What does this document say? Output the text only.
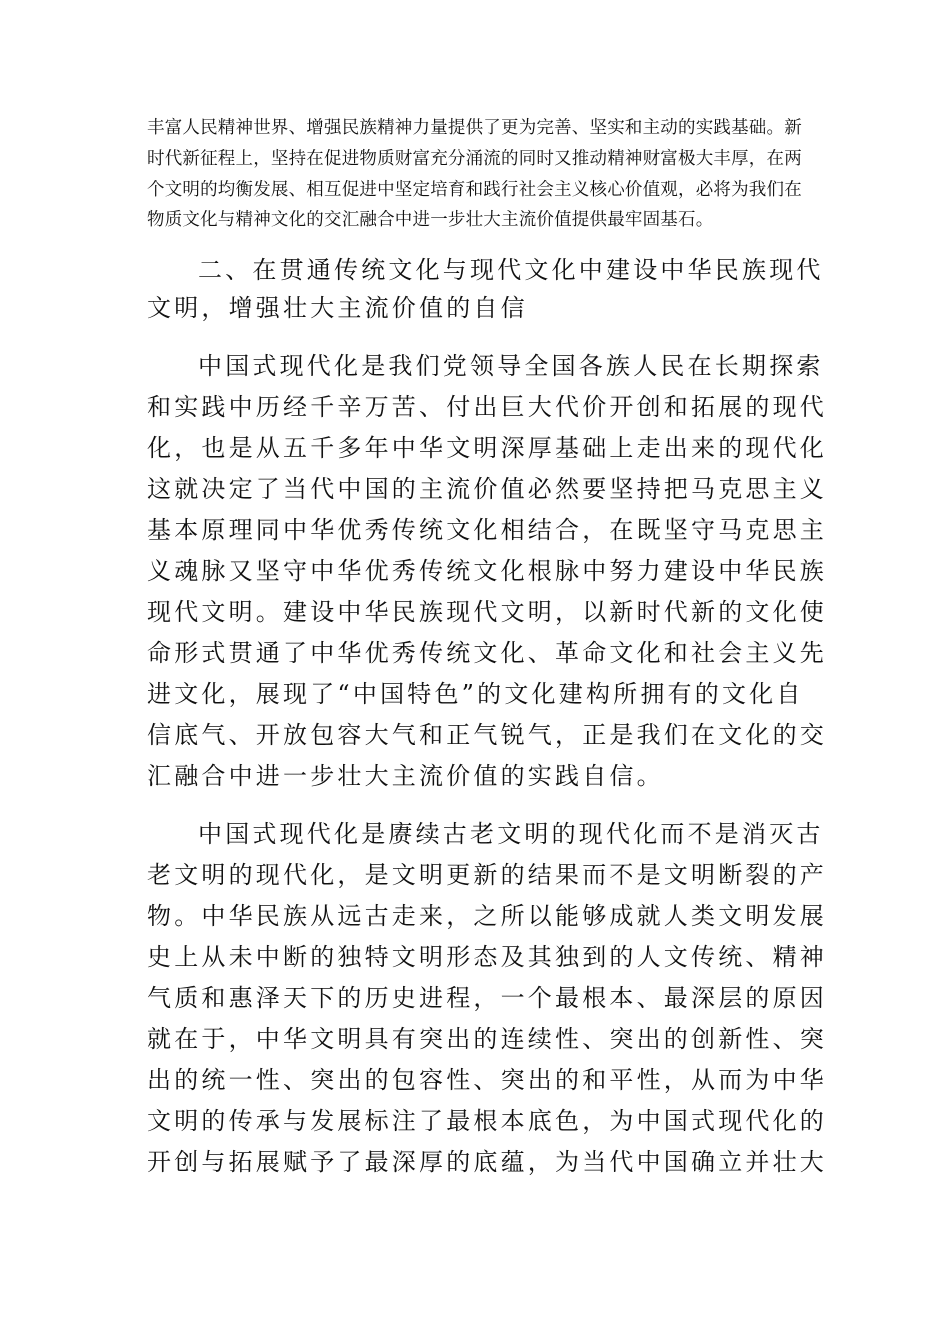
丰富人民精神世界、增强民族精神力量提供了更为完善、坚实和主动的实践基础。新

时代新征程上，坚持在促进物质财富充分涌流的同时又推动精神财富极大丰厚，在两

个文明的均衡发展、相互促进中坚定培育和践行社会主义核心价值观，必将为我们在

物质文化与精神文化的交汇融合中进一步壮大主流价值提供最牢固基石。

二、在贯通传统文化与现代文化中建设中华民族现代

文明，增强壮大主流价值的自信

中国式现代化是我们党领导全国各族人民在长期探索

和实践中历经千辛万苦、付出巨大代价开创和拓展的现代

化，也是从五千多年中华文明深厚基础上走出来的现代化

这就决定了当代中国的主流价值必然要坚持把马克思主义

基本原理同中华优秀传统文化相结合，在既坚守马克思主

义魂脉又坚守中华优秀传统文化根脉中努力建设中华民族

现代文明。建设中华民族现代文明，以新时代新的文化使

命形式贯通了中华优秀传统文化、革命文化和社会主义先

进文化，展现了“中国特色”的文化建构所拥有的文化自

信底气、开放包容大气和正气锐气，正是我们在文化的交

汇融合中进一步壮大主流价值的实践自信。

中国式现代化是赓续古老文明的现代化而不是消灭古

老文明的现代化，是文明更新的结果而不是文明断裂的产

物。中华民族从远古走来，之所以能够成就人类文明发展

史上从未中断的独特文明形态及其独到的人文传统、精神

气质和惠泽天下的历史进程，一个最根本、最深层的原因

就在于，中华文明具有突出的连续性、突出的创新性、突

出的统一性、突出的包容性、突出的和平性，从而为中华

文明的传承与发展标注了最根本底色，为中国式现代化的

开创与拓展赋予了最深厚的底蕴，为当代中国确立并壮大
